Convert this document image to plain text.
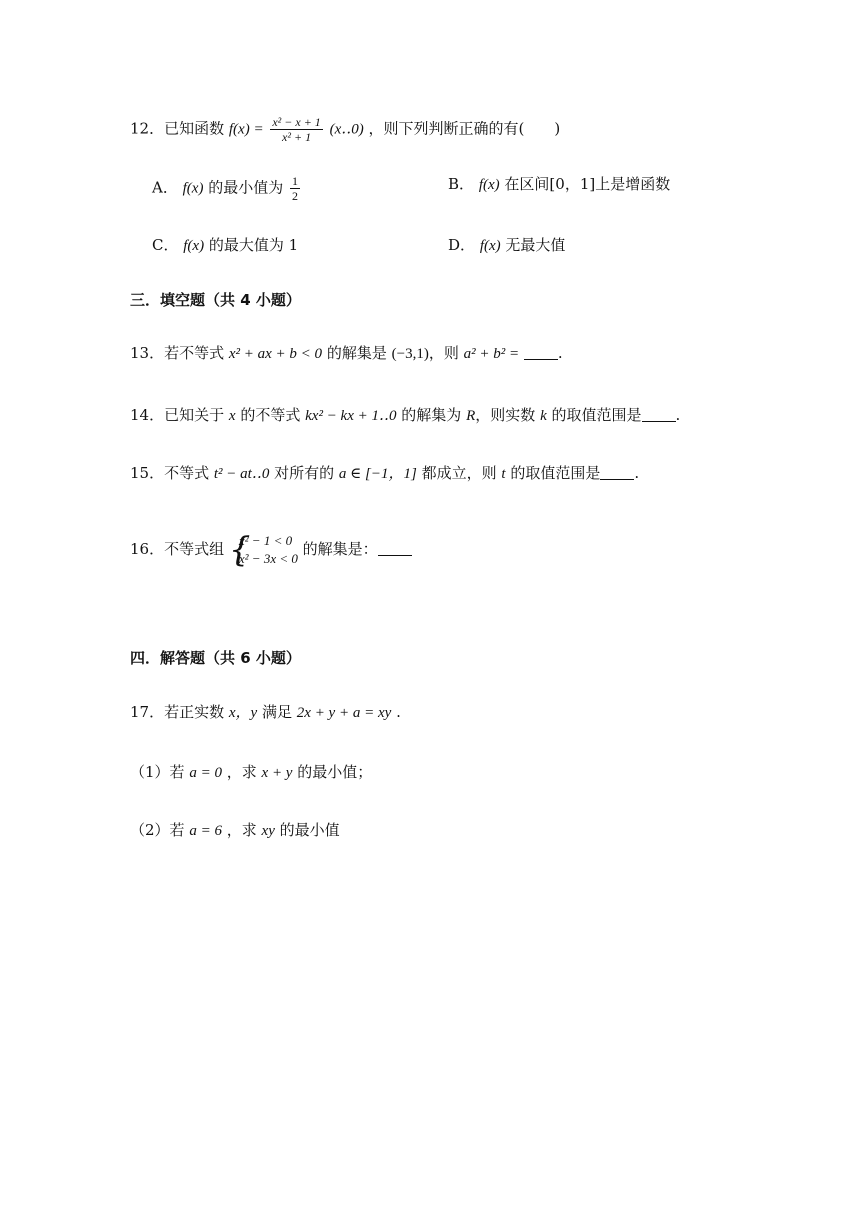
12．已知函数 $f(x) = \frac{\text{x² − x + 1}}{\text{x² + 1}}$ (x‥0) ，则下列判断正确的有(　　)
A． f(x) 的最小值为 $\frac{1}{2}$	B． f(x) 在区间[0，1]上是增函数
C． f(x) 的最大值为 1	D． f(x) 无最大值
三．填空题（共 4 小题）
13．若不等式 x² + ax + b < 0 的解集是 (−3,1)，则 a² + b² =	.
14．已知关于 x 的不等式 kx² − kx + 1‥0 的解集为 R，则实数 k 的取值范围是 .
15．不等式 t² − at‥0 对所有的 a ∈ [−1，1] 都成立，则 t 的取值范围是 .
16．不等式组 {
x² − 1 < 0
x² − 3x < 0
的解集是：
四．解答题（共 6 小题）
17．若正实数 x，y 满足 2x + y + a = xy .
（1）若 a = 0 ，求 x + y 的最小值；
（2）若 a = 6 ，求 xy 的最小值
